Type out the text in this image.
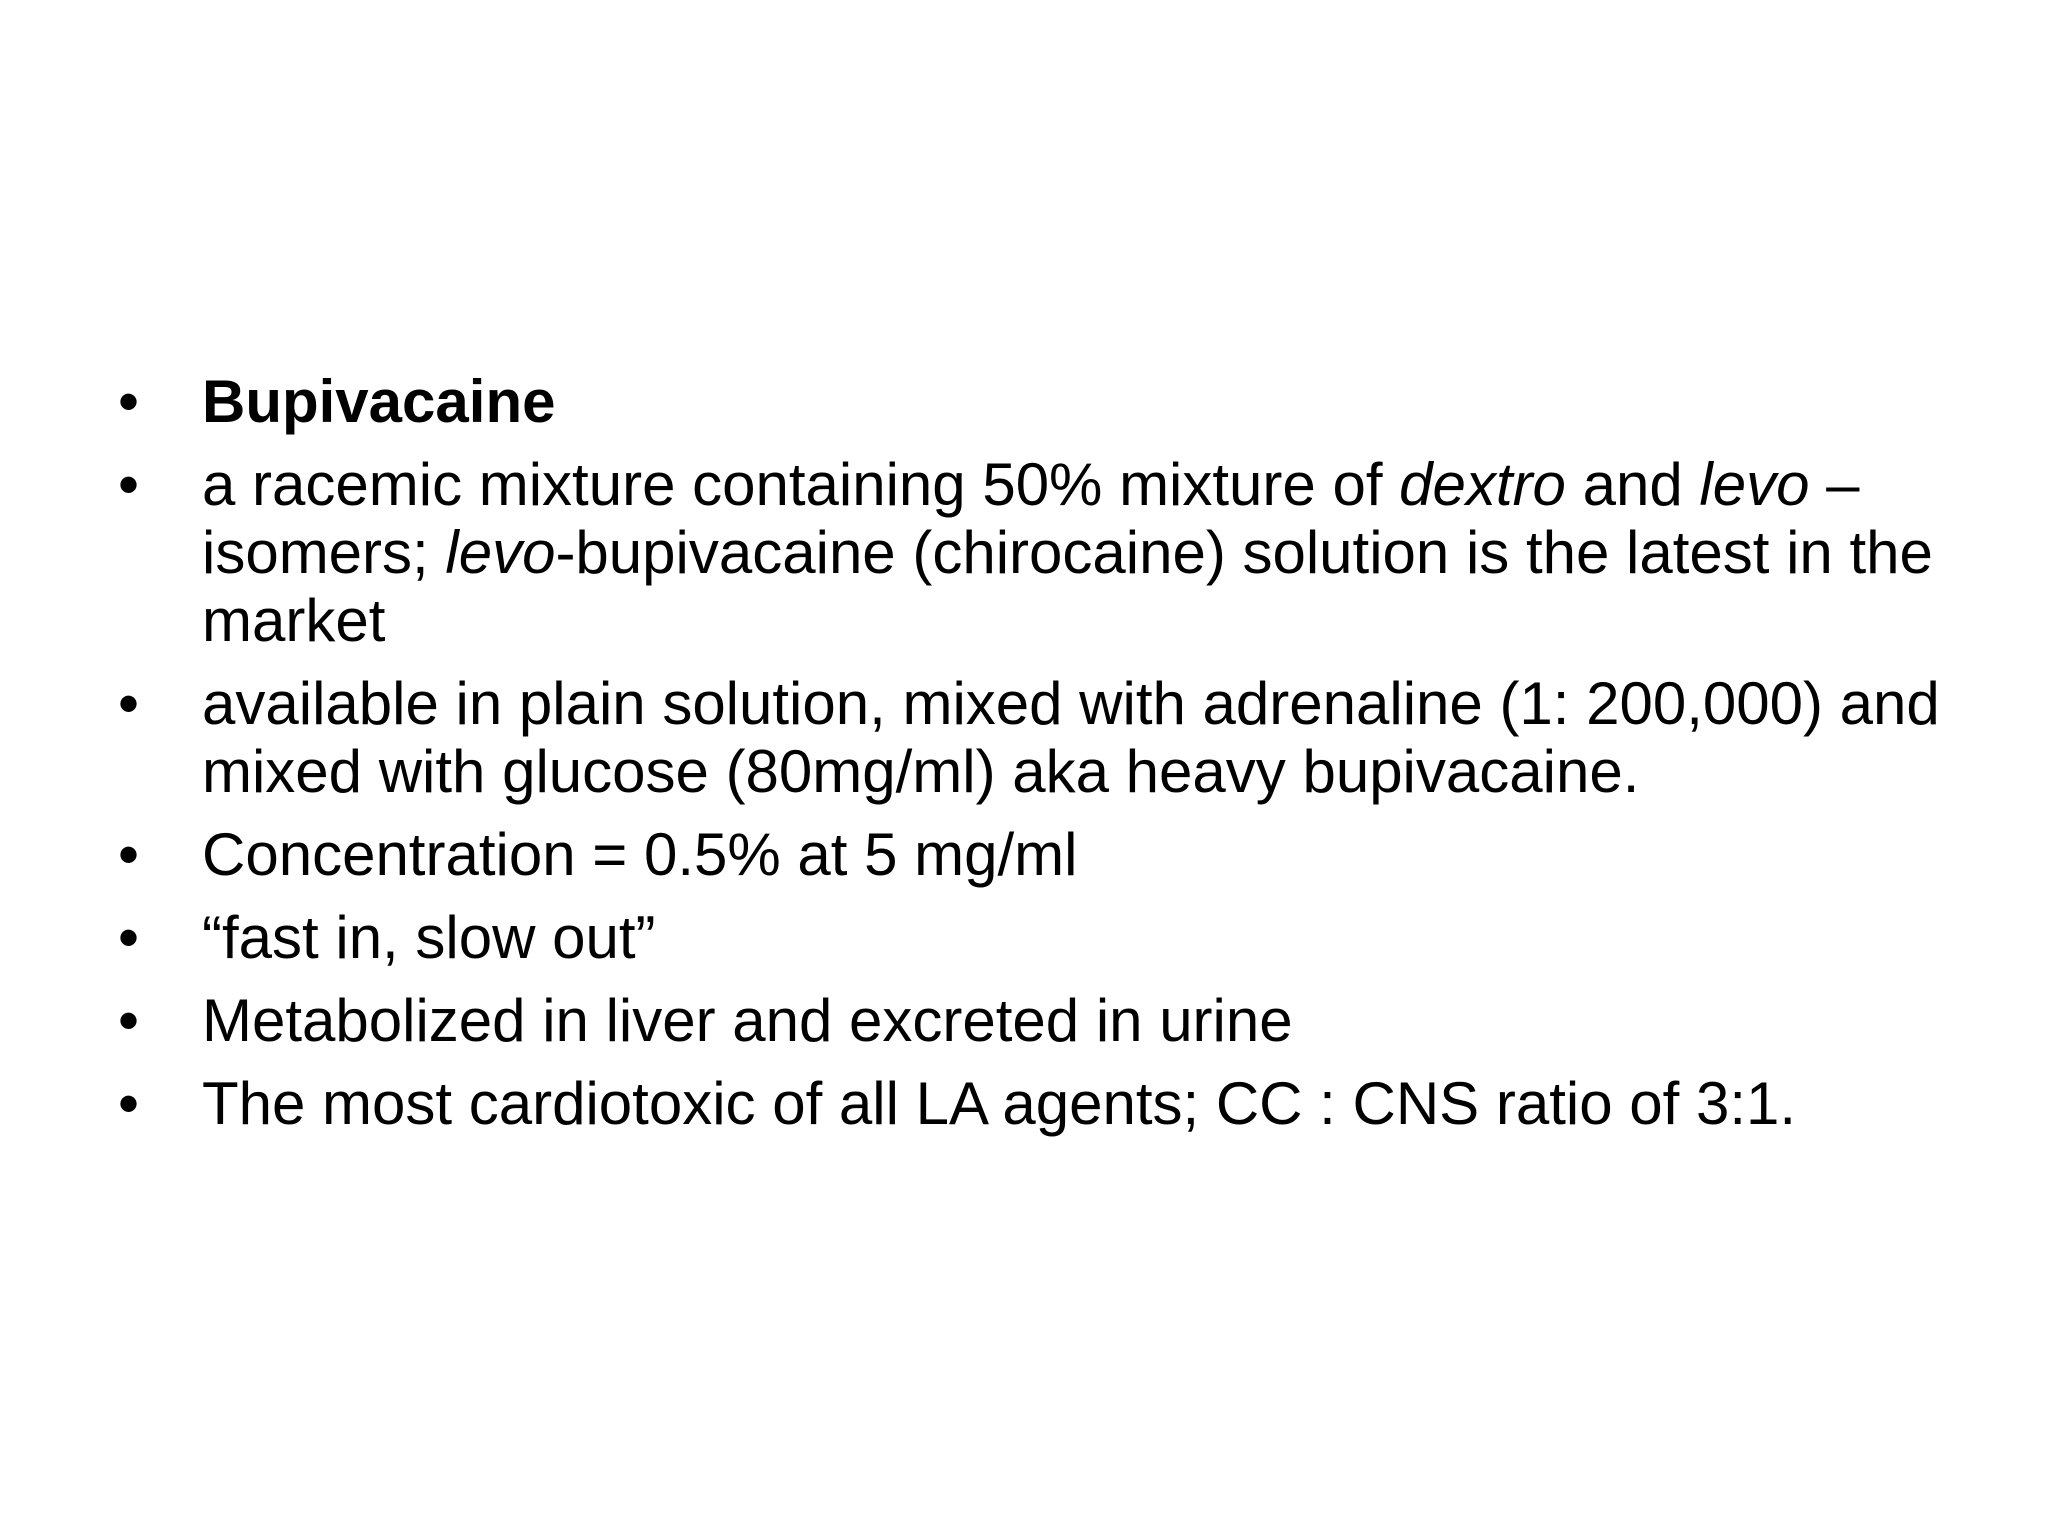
•	Bupivacaine
•	a racemic mixture containing 50% mixture of dextro and levo –isomers; levo-bupivacaine (chirocaine) solution is the latest in the market
•	available in plain solution, mixed with adrenaline (1: 200,000) and mixed with glucose (80mg/ml) aka heavy bupivacaine.
•	Concentration = 0.5% at 5 mg/ml
•	“fast in, slow out”
•	Metabolized in liver and excreted in urine
•	The most cardiotoxic of all LA agents; CC : CNS ratio of 3:1.
